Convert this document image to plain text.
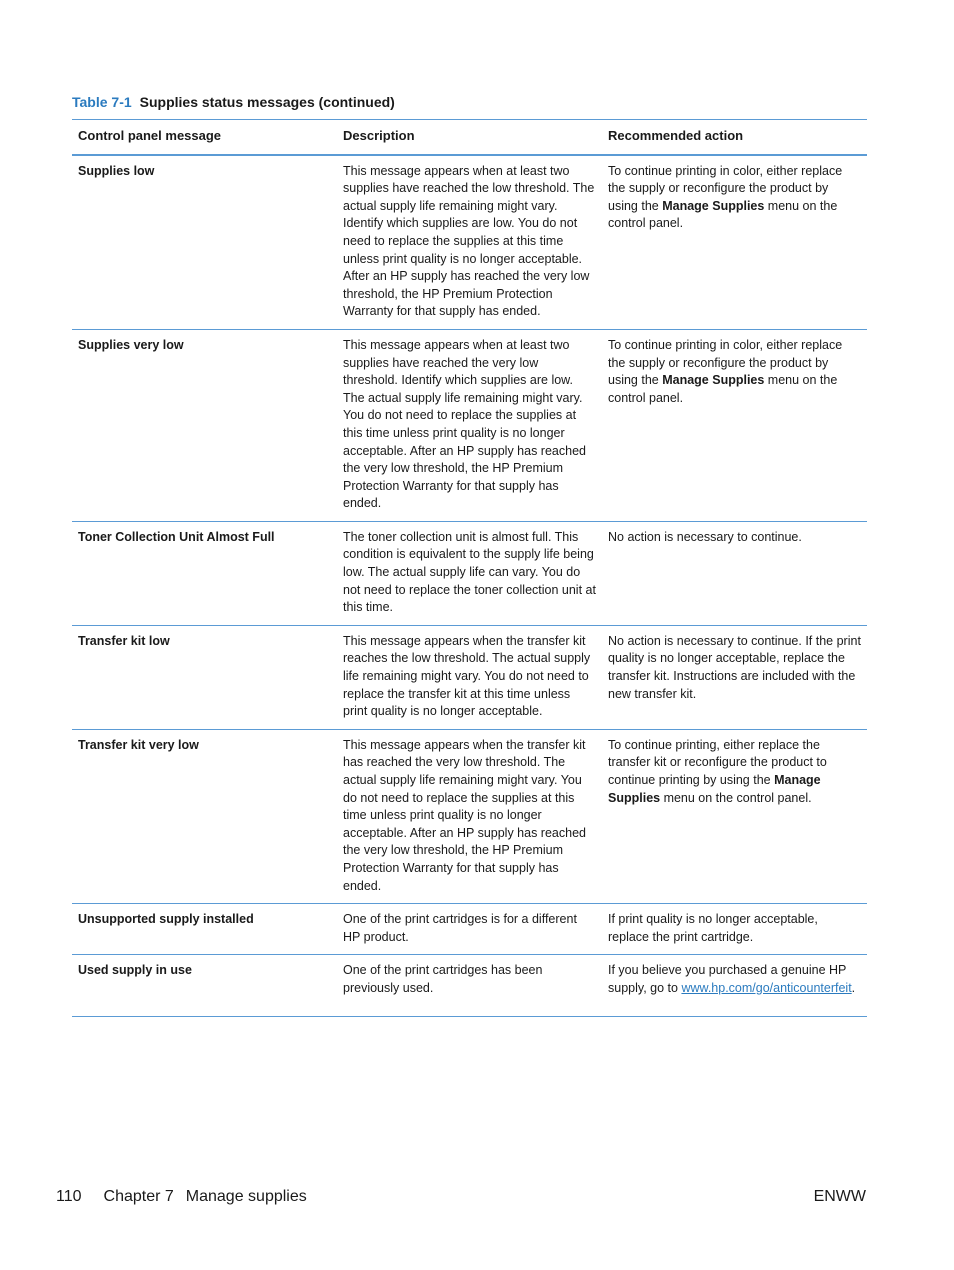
Table 7-1 Supplies status messages (continued)
Control panel message	Description	Recommended action
Supplies low	This message appears when at least two supplies have reached the low threshold. The actual supply life remaining might vary. Identify which supplies are low. You do not need to replace the supplies at this time unless print quality is no longer acceptable. After an HP supply has reached the very low threshold, the HP Premium Protection Warranty for that supply has ended.	To continue printing in color, either replace the supply or reconfigure the product by using the Manage Supplies menu on the control panel.
Supplies very low	This message appears when at least two supplies have reached the very low threshold. Identify which supplies are low. The actual supply life remaining might vary. You do not need to replace the supplies at this time unless print quality is no longer acceptable. After an HP supply has reached the very low threshold, the HP Premium Protection Warranty for that supply has ended.	To continue printing in color, either replace the supply or reconfigure the product by using the Manage Supplies menu on the control panel.
Toner Collection Unit Almost Full	The toner collection unit is almost full. This condition is equivalent to the supply life being low. The actual supply life can vary. You do not need to replace the toner collection unit at this time.	No action is necessary to continue.
Transfer kit low	This message appears when the transfer kit reaches the low threshold. The actual supply life remaining might vary. You do not need to replace the transfer kit at this time unless print quality is no longer acceptable.	No action is necessary to continue. If the print quality is no longer acceptable, replace the transfer kit. Instructions are included with the new transfer kit.
Transfer kit very low	This message appears when the transfer kit has reached the very low threshold. The actual supply life remaining might vary. You do not need to replace the supplies at this time unless print quality is no longer acceptable. After an HP supply has reached the very low threshold, the HP Premium Protection Warranty for that supply has ended.	To continue printing, either replace the transfer kit or reconfigure the product to continue printing by using the Manage Supplies menu on the control panel.
Unsupported supply installed	One of the print cartridges is for a different HP product.	If print quality is no longer acceptable, replace the print cartridge.
Used supply in use	One of the print cartridges has been previously used.	If you believe you purchased a genuine HP supply, go to www.hp.com/go/anticounterfeit.
110 Chapter 7 Manage supplies	ENWW
